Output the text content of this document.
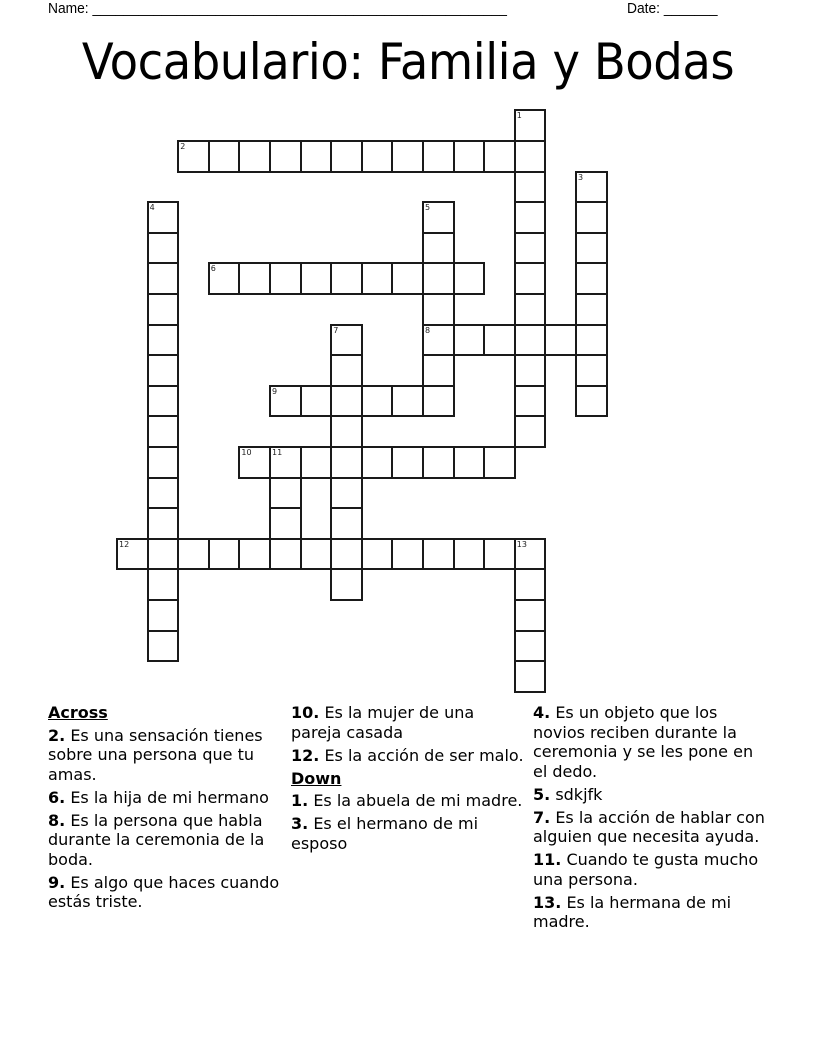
Name: ______________________________________________________	Date: _______
Vocabulario: Familia y Bodas
1
2
3
4	5
8
6
7
9
10	11
12	13
Across
2. Es una sensación tienes sobre una persona que tu amas.
6. Es la hija de mi hermano
8. Es la persona que habla durante la ceremonia de la boda.
9. Es algo que haces cuando estás triste.
10. Es la mujer de una pareja casada
12. Es la acción de ser malo.
Down
1. Es la abuela de mi madre.
3. Es el hermano de mi esposo
4. Es un objeto que los novios reciben durante la ceremonia y se les pone en el dedo.
5. sdkjfk
7. Es la acción de hablar con alguien que necesita ayuda.
11. Cuando te gusta mucho una persona.
13. Es la hermana de mi madre.
